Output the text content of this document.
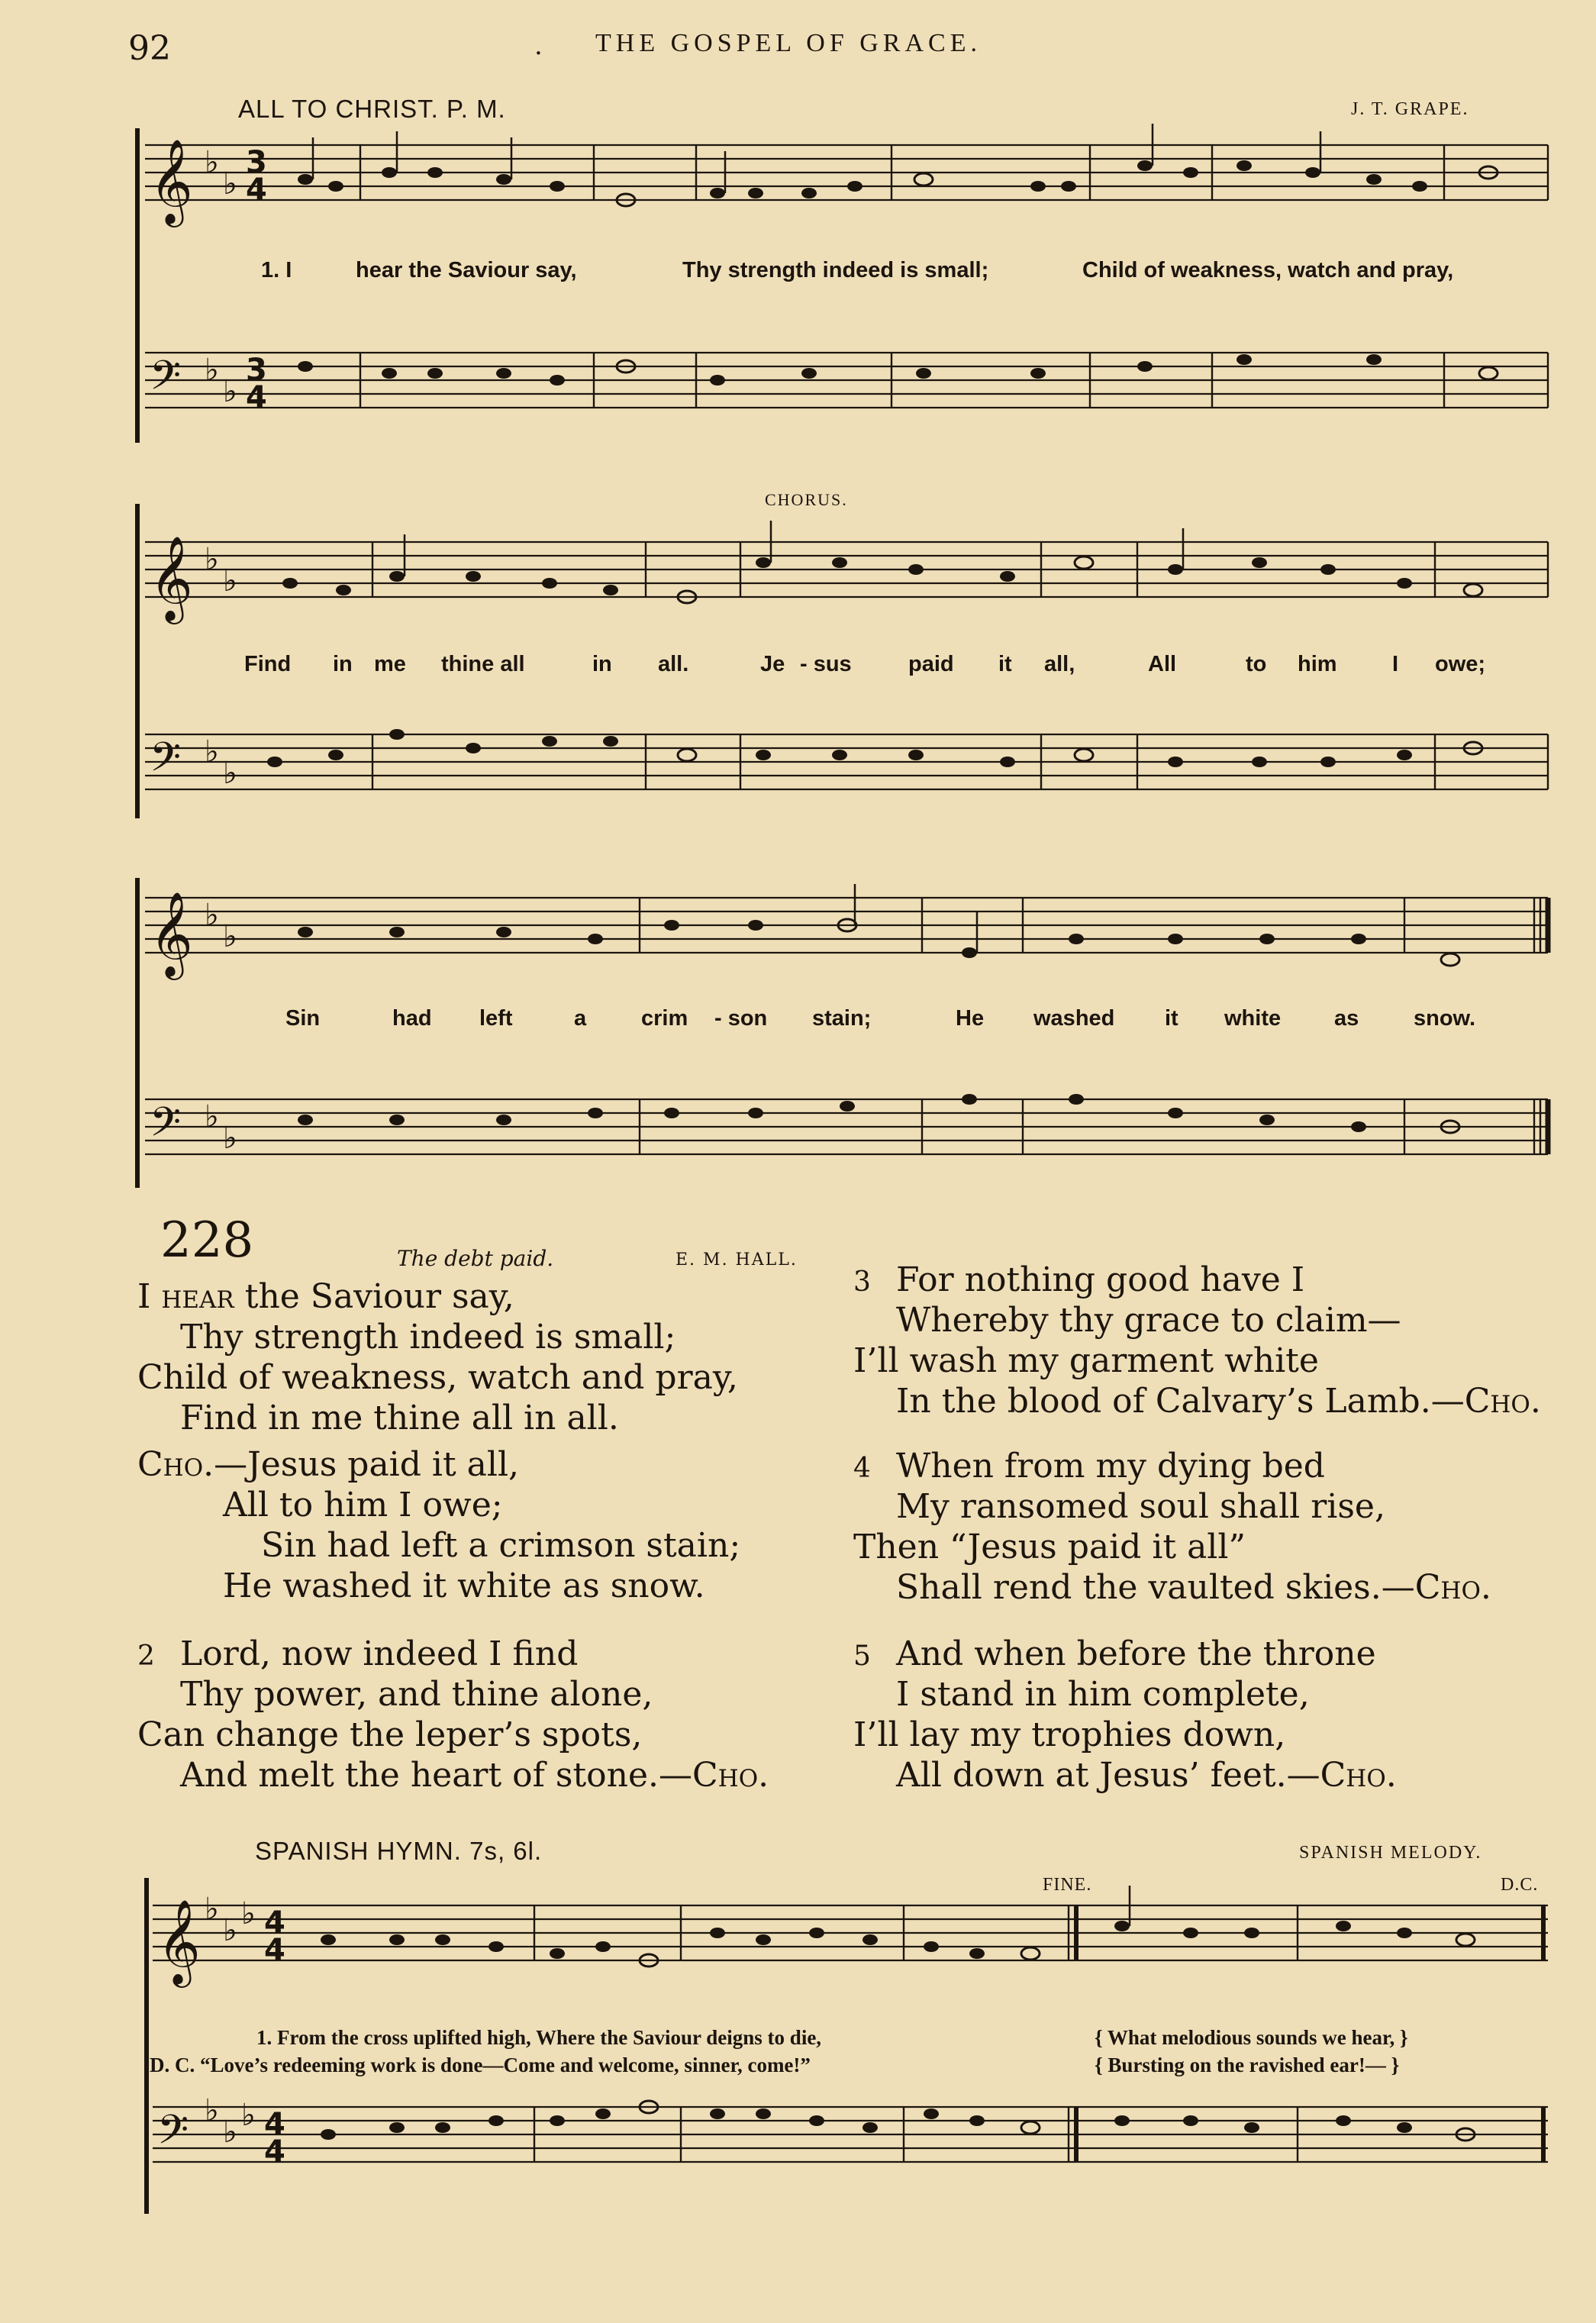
92	. THE GOSPEL OF GRACE.
ALL TO CHRIST. P. M.	J. T. GRAPE.
CHORUS.
𝄞
𝄢
𝄞
𝄢
𝄞
𝄢
𝄞
𝄢
♭
♭
♭
♭
♭
♭
♭
♭
♭
♭
♭
♭
♭
♭ ♭
♭
♭ ♭
3
4
3
4
4
4
4
4
1. I	hear the Saviour say,	Thy strength indeed is small;	Child of weakness, watch and pray,
Find in me thine all	in all.	Je - sus	paid it all,	All	to him I owe;
Sin	had left	a crim - son stain;	He washed it white as snow.
228	The debt paid.	E. M. HALL.
I hear the Saviour say,
Thy strength indeed is small;
Child of weakness, watch and pray,
Find in me thine all in all.
Cho.—Jesus paid it all,
All to him I owe;
Sin had left a crimson stain;
He washed it white as snow.
2 Lord, now indeed I find
Thy power, and thine alone,
Can change the leper’s spots,
And melt the heart of stone.—Cho.
3 For nothing good have I
Whereby thy grace to claim—
I’ll wash my garment white
In the blood of Calvary’s Lamb.—Cho.
4 When from my dying bed
My ransomed soul shall rise,
Then “Jesus paid it all”
Shall rend the vaulted skies.—Cho.
5 And when before the throne
I stand in him complete,
I’ll lay my trophies down,
All down at Jesus’ feet.—Cho.
SPANISH HYMN. 7s, 6l.	SPANISH MELODY.
FINE.	D.C.
1. From the cross uplifted high, Where the Saviour deigns to die,
D. C. “Love’s redeeming work is done—Come and welcome, sinner, come!”
{ What melodious sounds we hear, }
{ Bursting on the ravished ear!— }
